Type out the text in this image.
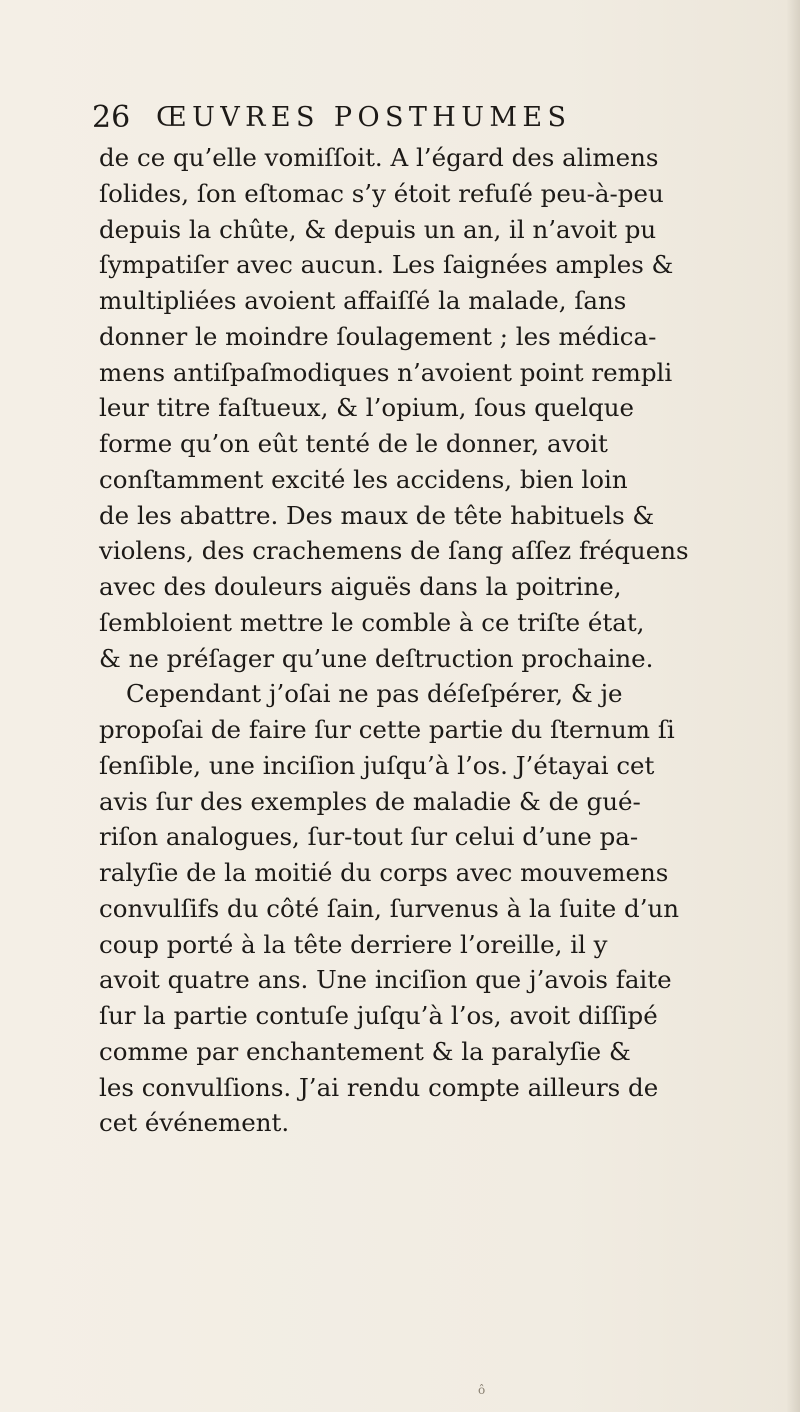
26 ŒUVRES POSTHUMES
de ce qu’elle vomiſſoit. A l’égard des alimens
ſolides, ſon eſtomac s’y étoit refuſé peu-à-peu
depuis la chûte, & depuis un an, il n’avoit pu
ſympatiſer avec aucun. Les ſaignées amples &
multipliées avoient affaiſſé la malade, ſans
donner le moindre ſoulagement ; les médica-
mens antiſpaſmodiques n’avoient point rempli
leur titre faſtueux, & l’opium, ſous quelque
forme qu’on eût tenté de le donner, avoit
conſtamment excité les accidens, bien loin
de les abattre. Des maux de tête habituels &
violens, des crachemens de ſang aſſez fréquens
avec des douleurs aiguës dans la poitrine,
ſembloient mettre le comble à ce triſte état,
& ne préſager qu’une deſtruction prochaine.
Cependant j’oſai ne pas déſeſpérer, & je
propoſai de faire ſur cette partie du ſternum ſi
ſenſible, une inciſion juſqu’à l’os. J’étayai cet
avis ſur des exemples de maladie & de gué-
riſon analogues, ſur-tout ſur celui d’une pa-
ralyſie de la moitié du corps avec mouvemens
convulſifs du côté ſain, ſurvenus à la ſuite d’un
coup porté à la tête derriere l’oreille, il y
avoit quatre ans. Une inciſion que j’avois faite
ſur la partie contuſe juſqu’à l’os, avoit diſſipé
comme par enchantement & la paralyſie &
les convulſions. J’ai rendu compte ailleurs de
cet événement.
ô
